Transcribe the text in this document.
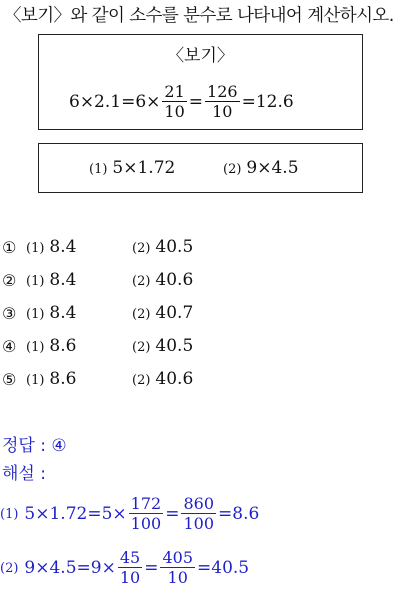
〈보기〉와 같이 소수를 분수로 나타내어 계산하시오.
〈보기〉
$6\times 2.1 = 6\times \frac{21}{10} = \frac{126}{10} = 12.6$
(1) 5×1.72	(2) 9×4.5
① (1) 8.4	(2) 40.5
② (1) 8.4	(2) 40.6
③ (1) 8.4	(2) 40.7
④ (1) 8.6	(2) 40.5
⑤ (1) 8.6	(2) 40.6
정답 : ④
해설 :
(1) $5\times 1.72 = 5\times \frac{172}{100} = \frac{860}{100} = 8.6$
(2) $9\times 4.5 = 9\times \frac{45}{10} = \frac{405}{10} = 40.5$
